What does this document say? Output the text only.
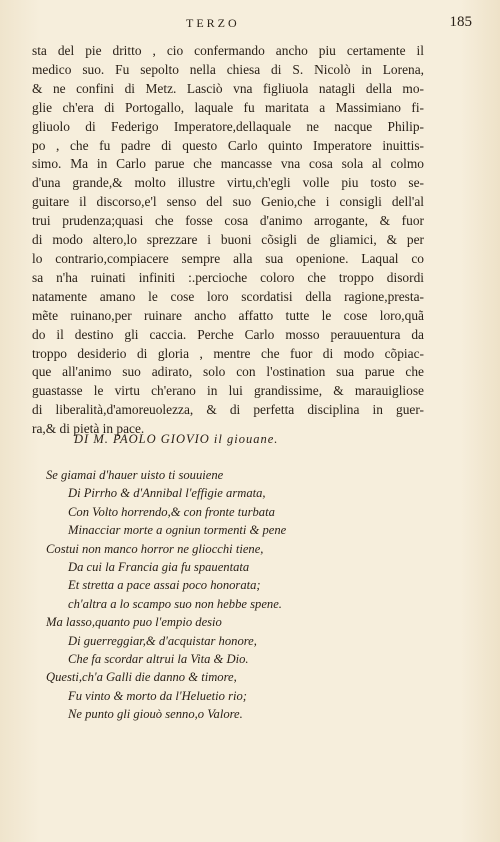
TERZO	185
sta del pie dritto , cio confermando ancho piu certamente il
medico suo. Fu sepolto nella chiesa di S. Nicolò in Lorena,
& ne confini di Metz. Lasciò vna figliuola natagli della mo-
glie ch'era di Portogallo, laquale fu maritata a Massimiano fi-
gliuolo di Federigo Imperatore,dellaquale ne nacque Philip-
po , che fu padre di questo Carlo quinto Imperatore inuittis-
simo. Ma in Carlo parue che mancasse vna cosa sola al colmo
d'una grande,& molto illustre virtu,ch'egli volle piu tosto se-
guitare il discorso,e'l senso del suo Genio,che i consigli dell'al
trui prudenza;quasi che fosse cosa d'animo arrogante, & fuor
di modo altero,lo sprezzare i buoni cõsigli de gliamici, & per
lo contrario,compiacere sempre alla sua openione. Laqual co
sa n'ha ruinati infiniti :.percioche coloro che troppo disordi
natamente amano le cose loro scordatisi della ragione,presta-
mẽte ruinano,per ruinare ancho affatto tutte le cose loro,quã
do il destino gli caccia. Perche Carlo mosso perauuentura da
troppo desiderio di gloria , mentre che fuor di modo cõpiac-
que all'animo suo adirato, solo con l'ostination sua parue che
guastasse le virtu ch'erano in lui grandissime, & marauigliose
di liberalità,d'amoreuolezza, & di perfetta disciplina in guer-
ra,& di pietà in pace.
DI M. PAOLO GIOVIO il giouane.
Se giamai d'hauer uisto ti souuiene
Di Pirrho & d'Annibal l'effigie armata,
Con Volto horrendo,& con fronte turbata
Minacciar morte a ogniun tormenti & pene
Costui non manco horror ne gliocchi tiene,
Da cui la Francia gia fu spauentata
Et stretta a pace assai poco honorata;
ch'altra a lo scampo suo non hebbe spene.
Ma lasso,quanto puo l'empio desio
Di guerreggiar,& d'acquistar honore,
Che fa scordar altrui la Vita & Dio.
Questi,ch'a Galli die danno & timore,
Fu vinto & morto da l'Heluetio rio;
Ne punto gli giouò senno,o Valore.
